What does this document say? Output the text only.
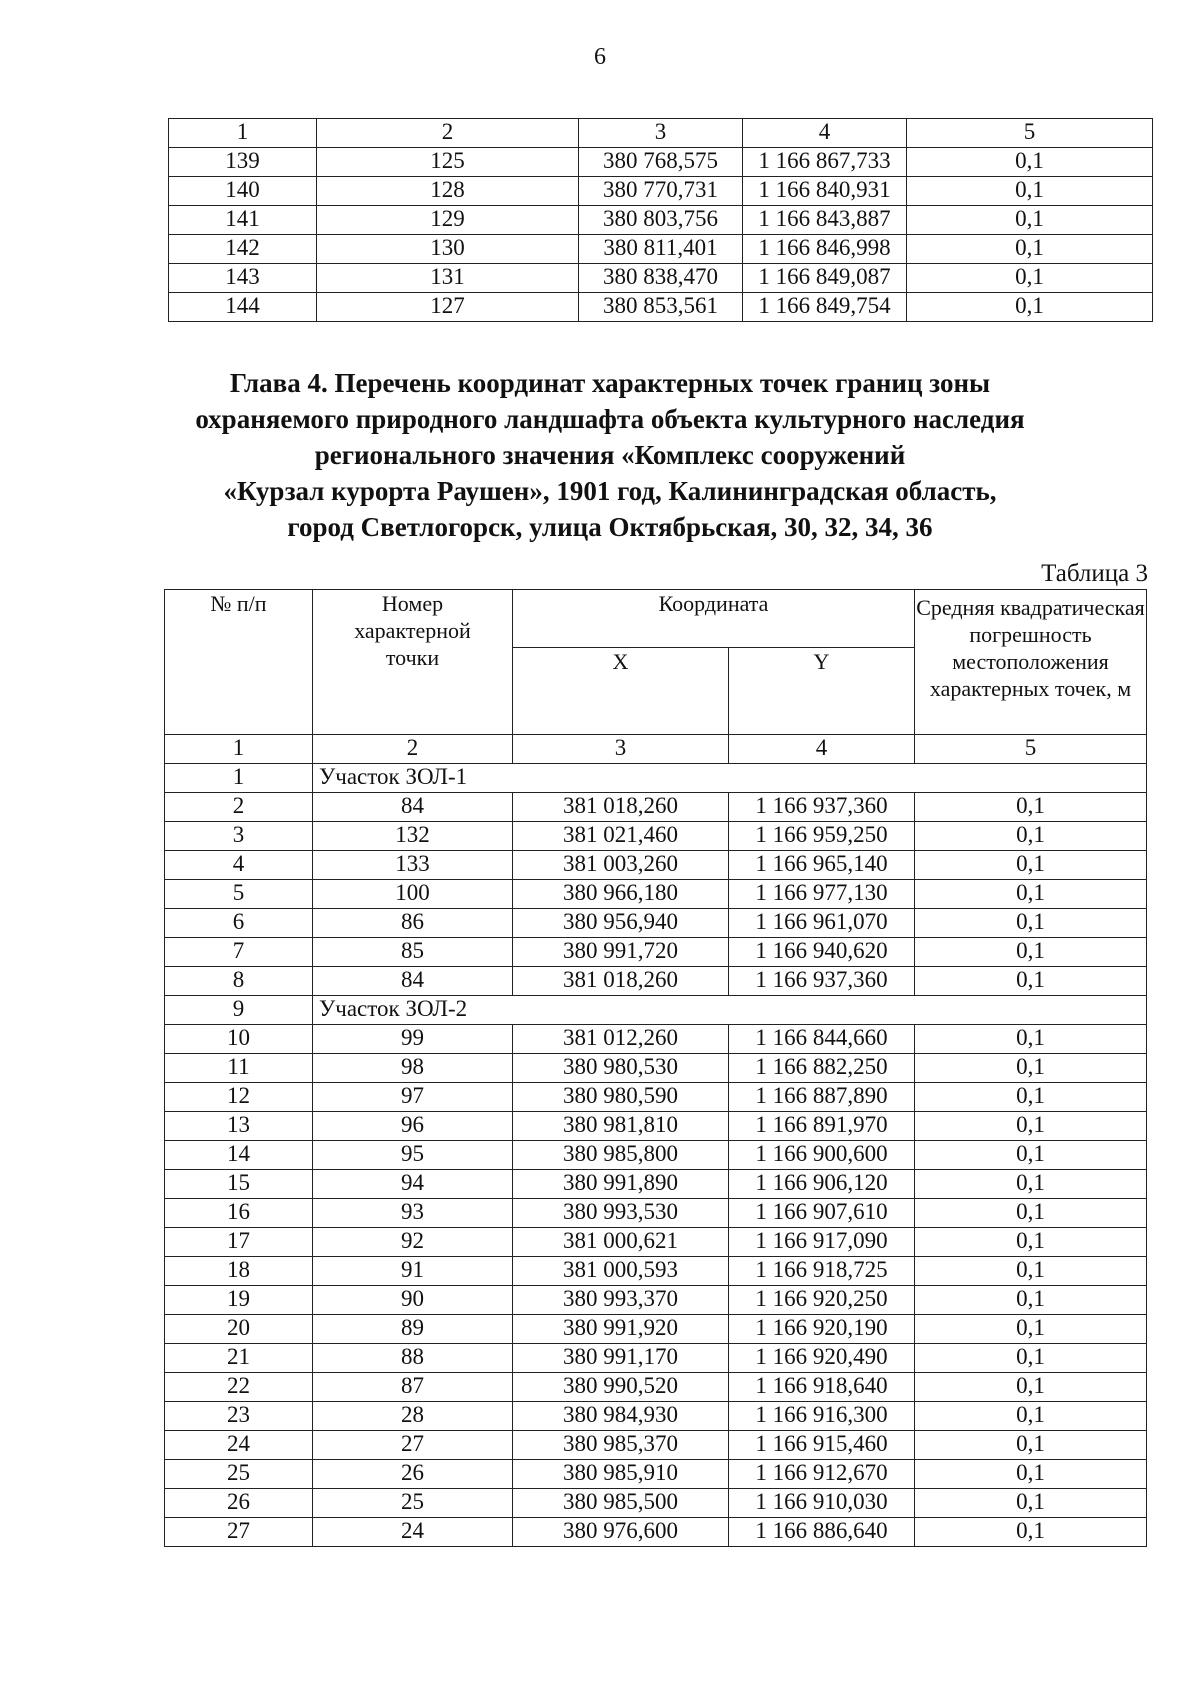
6
1	2	3	4	5
139	125	380 768,575	1 166 867,733	0,1
140	128	380 770,731	1 166 840,931	0,1
141	129	380 803,756	1 166 843,887	0,1
142	130	380 811,401	1 166 846,998	0,1
143	131	380 838,470	1 166 849,087	0,1
144	127	380 853,561	1 166 849,754	0,1
Глава 4. Перечень координат характерных точек границ зоны
охраняемого природного ландшафта объекта культурного наследия
регионального значения «Комплекс сооружений
«Курзал курорта Раушен», 1901 год, Калининградская область,
город Светлогорск, улица Октябрьская, 30, 32, 34, 36
Таблица 3
№ п/п	Номер характерной точки	Координата		Средняя квадратическая погрешность местоположения характерных точек, м
		X	Y	
1	2	3	4	5
1	Участок ЗОЛ-1			
2	84	381 018,260	1 166 937,360	0,1
3	132	381 021,460	1 166 959,250	0,1
4	133	381 003,260	1 166 965,140	0,1
5	100	380 966,180	1 166 977,130	0,1
6	86	380 956,940	1 166 961,070	0,1
7	85	380 991,720	1 166 940,620	0,1
8	84	381 018,260	1 166 937,360	0,1
9	Участок ЗОЛ-2			
10	99	381 012,260	1 166 844,660	0,1
11	98	380 980,530	1 166 882,250	0,1
12	97	380 980,590	1 166 887,890	0,1
13	96	380 981,810	1 166 891,970	0,1
14	95	380 985,800	1 166 900,600	0,1
15	94	380 991,890	1 166 906,120	0,1
16	93	380 993,530	1 166 907,610	0,1
17	92	381 000,621	1 166 917,090	0,1
18	91	381 000,593	1 166 918,725	0,1
19	90	380 993,370	1 166 920,250	0,1
20	89	380 991,920	1 166 920,190	0,1
21	88	380 991,170	1 166 920,490	0,1
22	87	380 990,520	1 166 918,640	0,1
23	28	380 984,930	1 166 916,300	0,1
24	27	380 985,370	1 166 915,460	0,1
25	26	380 985,910	1 166 912,670	0,1
26	25	380 985,500	1 166 910,030	0,1
27	24	380 976,600	1 166 886,640	0,1
